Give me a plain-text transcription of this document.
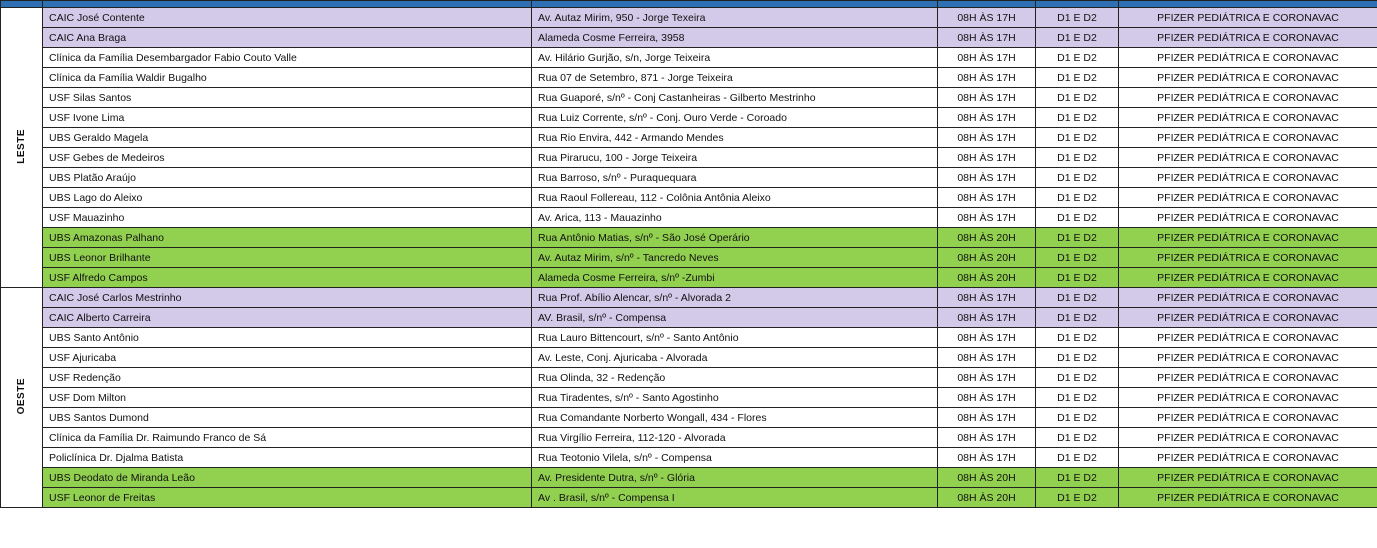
LESTE	CAIC José Contente	Av. Autaz Mirim, 950 - Jorge Texeira	08H ÀS 17H	D1 E D2	PFIZER PEDIÁTRICA E CORONAVAC
	CAIC Ana Braga	Alameda Cosme Ferreira, 3958	08H ÀS 17H	D1 E D2	PFIZER PEDIÁTRICA E CORONAVAC
	Clínica da Família Desembargador Fabio Couto Valle	Av. Hilário Gurjão, s/n, Jorge Teixeira	08H ÀS 17H	D1 E D2	PFIZER PEDIÁTRICA E CORONAVAC
	Clínica da Família Waldir Bugalho	Rua 07 de Setembro, 871 - Jorge Teixeira	08H ÀS 17H	D1 E D2	PFIZER PEDIÁTRICA E CORONAVAC
	USF Silas Santos	Rua Guaporé, s/nº - Conj Castanheiras - Gilberto Mestrinho	08H ÀS 17H	D1 E D2	PFIZER PEDIÁTRICA E CORONAVAC
	USF Ivone Lima	Rua Luiz Corrente, s/nº - Conj. Ouro Verde - Coroado	08H ÀS 17H	D1 E D2	PFIZER PEDIÁTRICA E CORONAVAC
	UBS Geraldo Magela	Rua Rio Envira, 442 - Armando Mendes	08H ÀS 17H	D1 E D2	PFIZER PEDIÁTRICA E CORONAVAC
	USF Gebes de Medeiros	Rua Pirarucu, 100 - Jorge Teixeira	08H ÀS 17H	D1 E D2	PFIZER PEDIÁTRICA E CORONAVAC
	UBS Platão Araújo	Rua Barroso, s/nº - Puraquequara	08H ÀS 17H	D1 E D2	PFIZER PEDIÁTRICA E CORONAVAC
	UBS Lago do Aleixo	Rua Raoul Follereau, 112 - Colônia Antônia Aleixo	08H ÀS 17H	D1 E D2	PFIZER PEDIÁTRICA E CORONAVAC
	USF Mauazinho	Av. Arica, 113 - Mauazinho	08H ÀS 17H	D1 E D2	PFIZER PEDIÁTRICA E CORONAVAC
	UBS Amazonas Palhano	Rua Antônio Matias, s/nº - São José Operário	08H ÀS 20H	D1 E D2	PFIZER PEDIÁTRICA E CORONAVAC
	UBS Leonor Brilhante	Av. Autaz Mirim, s/nº - Tancredo Neves	08H ÀS 20H	D1 E D2	PFIZER PEDIÁTRICA E CORONAVAC
	USF Alfredo Campos	Alameda Cosme Ferreira, s/nº -Zumbi	08H ÀS 20H	D1 E D2	PFIZER PEDIÁTRICA E CORONAVAC
OESTE	CAIC José Carlos Mestrinho	Rua Prof. Abílio Alencar, s/nº - Alvorada 2	08H ÀS 17H	D1 E D2	PFIZER PEDIÁTRICA E CORONAVAC
	CAIC Alberto Carreira	AV. Brasil, s/nº - Compensa	08H ÀS 17H	D1 E D2	PFIZER PEDIÁTRICA E CORONAVAC
	UBS Santo Antônio	Rua Lauro Bittencourt, s/nº - Santo Antônio	08H ÀS 17H	D1 E D2	PFIZER PEDIÁTRICA E CORONAVAC
	USF Ajuricaba	Av. Leste, Conj. Ajuricaba - Alvorada	08H ÀS 17H	D1 E D2	PFIZER PEDIÁTRICA E CORONAVAC
	USF Redenção	Rua Olinda, 32 - Redenção	08H ÀS 17H	D1 E D2	PFIZER PEDIÁTRICA E CORONAVAC
	USF Dom Milton	Rua Tiradentes, s/nº - Santo Agostinho	08H ÀS 17H	D1 E D2	PFIZER PEDIÁTRICA E CORONAVAC
	UBS Santos Dumond	Rua Comandante Norberto Wongall, 434 - Flores	08H ÀS 17H	D1 E D2	PFIZER PEDIÁTRICA E CORONAVAC
	Clínica da Família Dr. Raimundo Franco de Sá	Rua Virgílio Ferreira, 112-120 - Alvorada	08H ÀS 17H	D1 E D2	PFIZER PEDIÁTRICA E CORONAVAC
	Policlínica Dr. Djalma Batista	Rua Teotonio Vilela, s/nº - Compensa	08H ÀS 17H	D1 E D2	PFIZER PEDIÁTRICA E CORONAVAC
	UBS Deodato de Miranda Leão	Av. Presidente Dutra, s/nº - Glória	08H ÀS 20H	D1 E D2	PFIZER PEDIÁTRICA E CORONAVAC
	USF Leonor de Freitas	Av . Brasil, s/nº - Compensa I	08H ÀS 20H	D1 E D2	PFIZER PEDIÁTRICA E CORONAVAC
